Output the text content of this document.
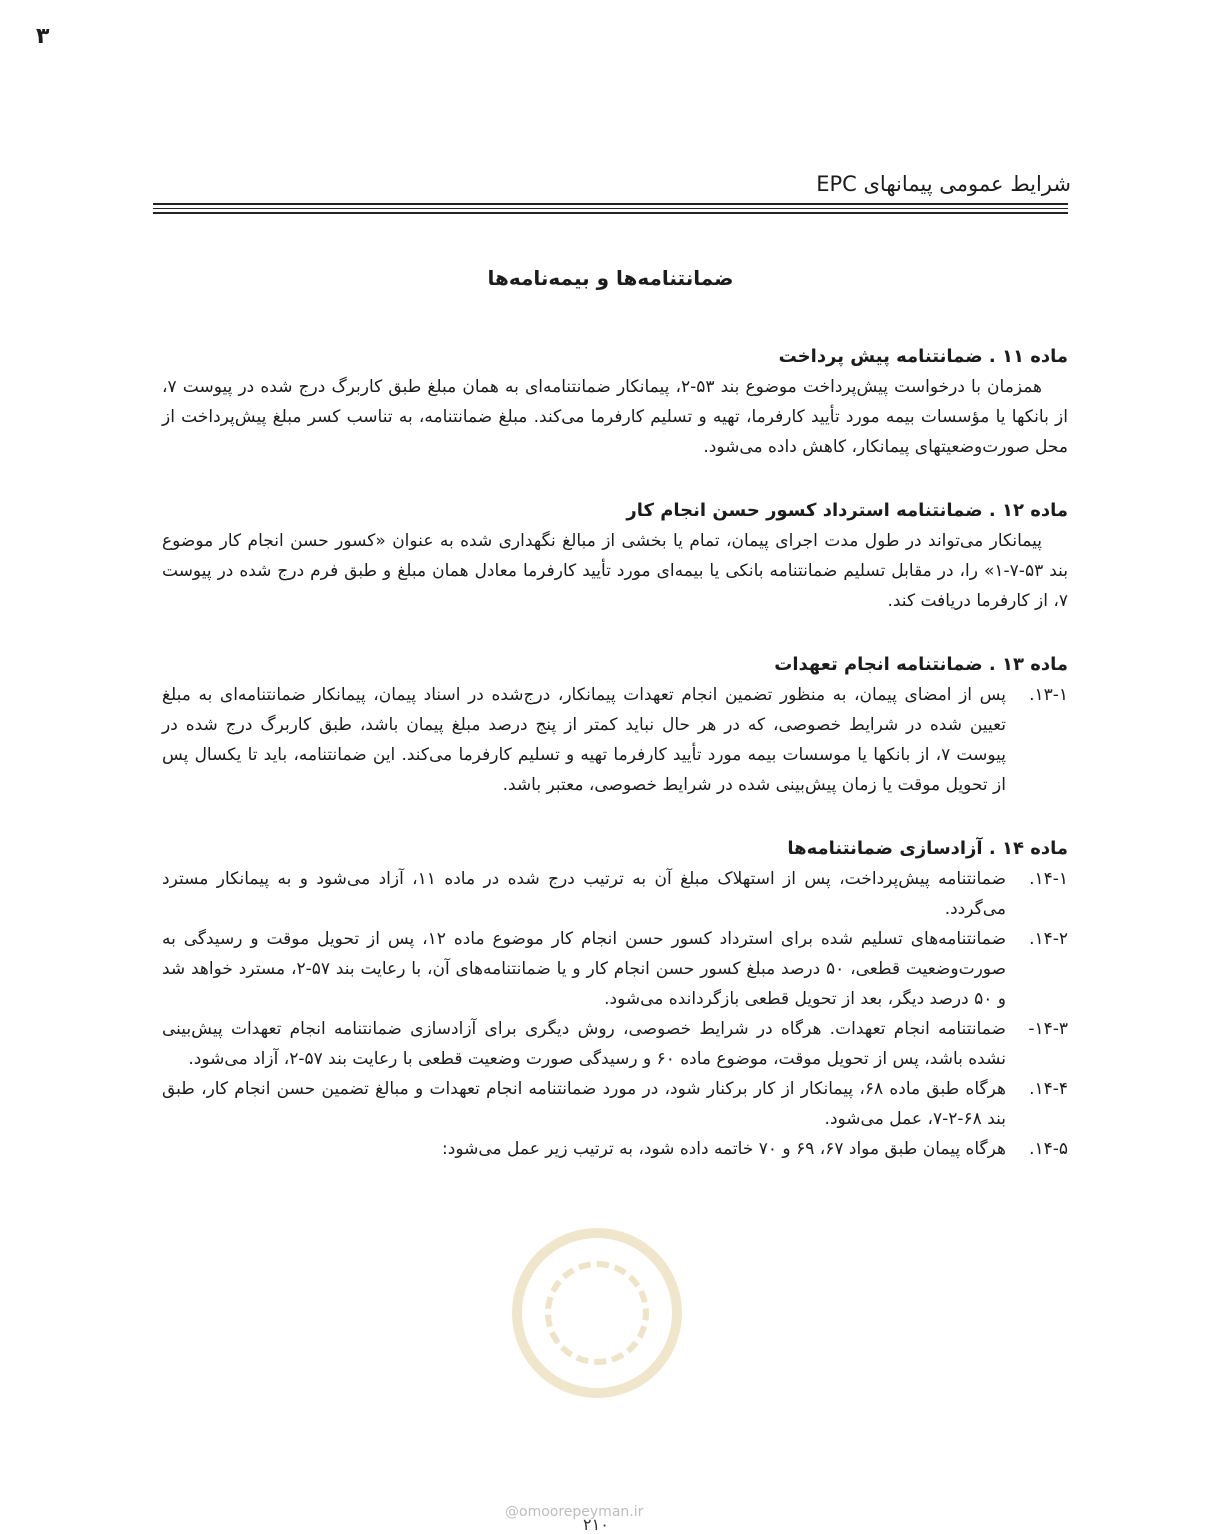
۳
شرایط عمومی پیمانهای EPC
ضمانتنامه‌ها و بیمه‌نامه‌ها

ماده ۱۱ . ضمانتنامه پیش پرداخت

همزمان با درخواست پیش‌پرداخت موضوع بند ۵۳-۲، پیمانکار ضمانتنامه‌ای به همان مبلغ طبق کاربرگ درج شده در پیوست ۷، از بانکها یا مؤسسات بیمه مورد تأیید کارفرما، تهیه و تسلیم کارفرما می‌کند. مبلغ ضمانتنامه، به تناسب کسر مبلغ پیش‌پرداخت از محل صورت‌وضعیتهای پیمانکار، کاهش داده می‌شود.

ماده ۱۲ . ضمانتنامه استرداد کسور حسن انجام کار

پیمانکار می‌تواند در طول مدت اجرای پیمان، تمام یا بخشی از مبالغ نگهداری شده به عنوان «کسور حسن انجام کار موضوع بند ۵۳-۷-۱» را، در مقابل تسلیم ضمانتنامه بانکی یا بیمه‌ای مورد تأیید کارفرما معادل همان مبلغ و طبق فرم درج شده در پیوست ۷، از کارفرما دریافت کند.

ماده ۱۳ . ضمانتنامه انجام تعهدات

۱۳-۱.
پس از امضای پیمان، به منظور تضمین انجام تعهدات پیمانکار، درج‌شده در اسناد پیمان، پیمانکار ضمانتنامه‌ای به مبلغ تعیین شده در شرایط خصوصی، که در هر حال نباید کمتر از پنج درصد مبلغ پیمان باشد، طبق کاربرگ درج شده در پیوست ۷، از بانکها یا موسسات بیمه مورد تأیید کارفرما تهیه و تسلیم کارفرما می‌کند. این ضمانتنامه، باید تا یکسال پس از تحویل موقت یا زمان پیش‌بینی شده در شرایط خصوصی، معتبر باشد.

ماده ۱۴ . آزادسازی ضمانتنامه‌ها

۱۴-۱.
ضمانتنامه پیش‌پرداخت، پس از استهلاک مبلغ آن به ترتیب درج شده در ماده ۱۱، آزاد می‌شود و به پیمانکار مسترد می‌گردد.
۱۴-۲.
ضمانتنامه‌های تسلیم شده برای استرداد کسور حسن انجام کار موضوع ماده ۱۲، پس از تحویل موقت و رسیدگی به صورت‌وضعیت قطعی، ۵۰ درصد مبلغ کسور حسن انجام کار و یا ضمانتنامه‌های آن، با رعایت بند ۵۷-۲، مسترد خواهد شد و ۵۰ درصد دیگر، بعد از تحویل قطعی بازگردانده می‌شود.
۱۴-۳-
ضمانتنامه انجام تعهدات. هرگاه در شرایط خصوصی، روش دیگری برای آزادسازی ضمانتنامه انجام تعهدات پیش‌بینی نشده باشد، پس از تحویل موقت، موضوع ماده ۶۰ و رسیدگی صورت وضعیت قطعی با رعایت بند ۵۷-۲، آزاد می‌شود.
۱۴-۴.
هرگاه طبق ماده ۶۸، پیمانکار از کار برکنار شود، در مورد ضمانتنامه انجام تعهدات و مبالغ تضمین حسن انجام کار، طبق بند ۶۸-۲-۷، عمل می‌شود.
۱۴-۵.
هرگاه پیمان طبق مواد ۶۷، ۶۹ و ۷۰ خاتمه داده شود، به ترتیب زیر عمل می‌شود:
@omoorepeyman.ir
۲۱۰
